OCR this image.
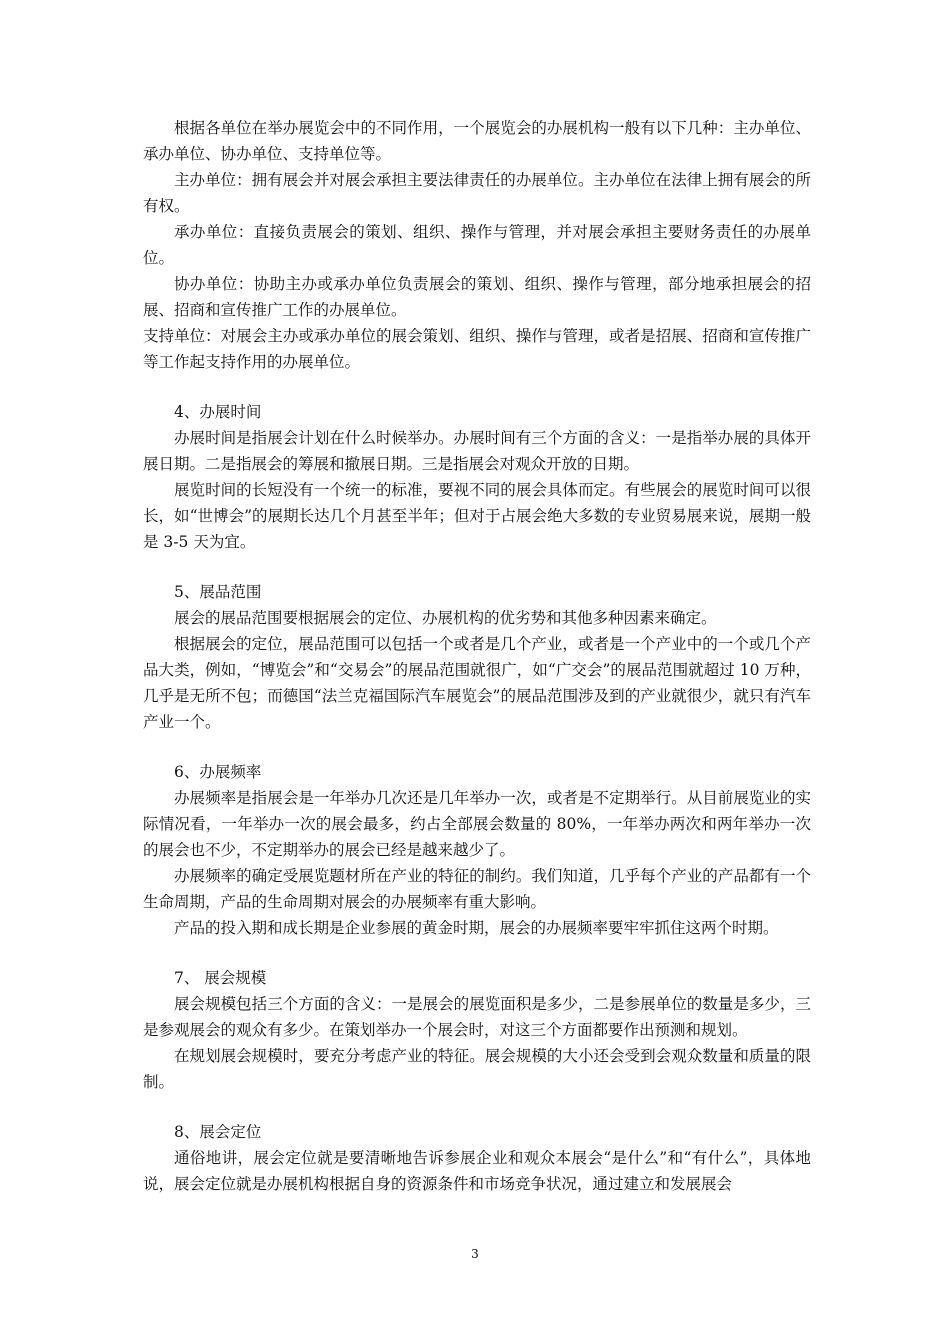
根据各单位在举办展览会中的不同作用，一个展览会的办展机构一般有以下几种：主办单位、承办单位、协办单位、支持单位等。

主办单位：拥有展会并对展会承担主要法律责任的办展单位。主办单位在法律上拥有展会的所有权。

承办单位：直接负责展会的策划、组织、操作与管理，并对展会承担主要财务责任的办展单位。

协办单位：协助主办或承办单位负责展会的策划、组织、操作与管理，部分地承担展会的招展、招商和宣传推广工作的办展单位。

支持单位：对展会主办或承办单位的展会策划、组织、操作与管理，或者是招展、招商和宣传推广等工作起支持作用的办展单位。

4、办展时间

办展时间是指展会计划在什么时候举办。办展时间有三个方面的含义：一是指举办展的具体开展日期。二是指展会的筹展和撤展日期。三是指展会对观众开放的日期。

展览时间的长短没有一个统一的标准，要视不同的展会具体而定。有些展会的展览时间可以很长，如“世博会”的展期长达几个月甚至半年；但对于占展会绝大多数的专业贸易展来说，展期一般是 3-5 天为宜。

5、展品范围

展会的展品范围要根据展会的定位、办展机构的优劣势和其他多种因素来确定。

根据展会的定位，展品范围可以包括一个或者是几个产业，或者是一个产业中的一个或几个产品大类，例如，“博览会”和“交易会”的展品范围就很广，如“广交会”的展品范围就超过 10 万种，几乎是无所不包；而德国“法兰克福国际汽车展览会”的展品范围涉及到的产业就很少，就只有汽车产业一个。

6、办展频率

办展频率是指展会是一年举办几次还是几年举办一次，或者是不定期举行。从目前展览业的实际情况看，一年举办一次的展会最多，约占全部展会数量的 80%，一年举办两次和两年举办一次的展会也不少，不定期举办的展会已经是越来越少了。

办展频率的确定受展览题材所在产业的特征的制约。我们知道，几乎每个产业的产品都有一个生命周期，产品的生命周期对展会的办展频率有重大影响。

产品的投入期和成长期是企业参展的黄金时期，展会的办展频率要牢牢抓住这两个时期。

7、 展会规模

展会规模包括三个方面的含义：一是展会的展览面积是多少，二是参展单位的数量是多少，三是参观展会的观众有多少。在策划举办一个展会时，对这三个方面都要作出预测和规划。

在规划展会规模时，要充分考虑产业的特征。展会规模的大小还会受到会观众数量和质量的限制。

8、展会定位

通俗地讲，展会定位就是要清晰地告诉参展企业和观众本展会“是什么”和“有什么”，具体地说，展会定位就是办展机构根据自身的资源条件和市场竞争状况，通过建立和发展展会

3
